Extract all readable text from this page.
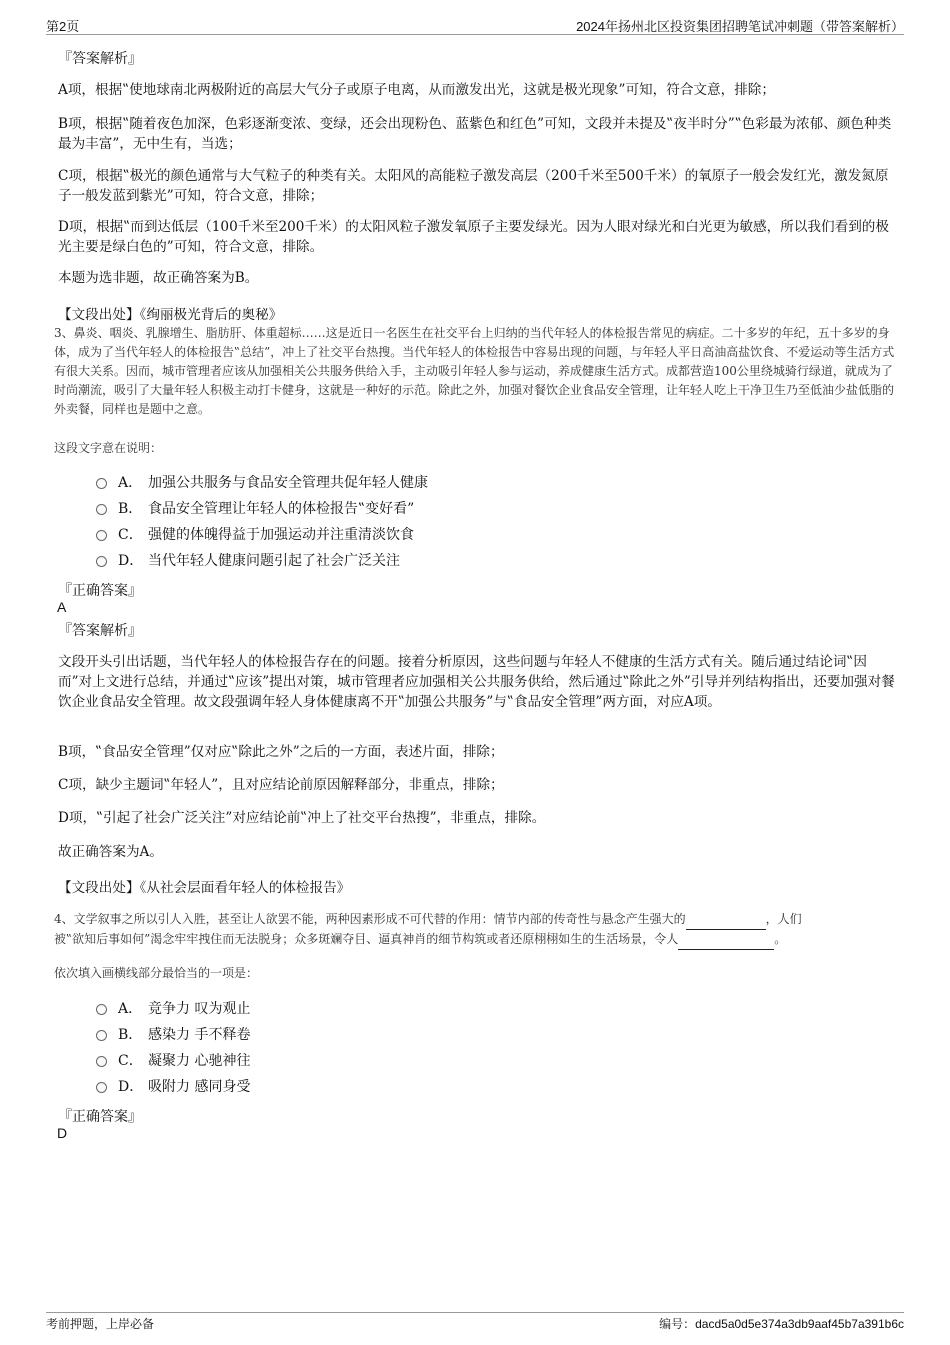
第2页	2024年扬州北区投资集团招聘笔试冲刺题（带答案解析）
『答案解析』

A项，根据‟使地球南北两极附近的高层大气分子或原子电离，从而激发出光，这就是极光现象”可知，符合文意，排除；

B项，根据‟随着夜色加深，色彩逐渐变浓、变绿，还会出现粉色、蓝紫色和红色”可知，文段并未提及‟夜半时分”‟色彩最为浓郁、颜色种类最为丰富”，无中生有，当选；

C项，根据‟极光的颜色通常与大气粒子的种类有关。太阳风的高能粒子激发高层（200千米至500千米）的氧原子一般会发红光，激发氮原子一般发蓝到紫光”可知，符合文意，排除；

D项，根据‟而到达低层（100千米至200千米）的太阳风粒子激发氧原子主要发绿光。因为人眼对绿光和白光更为敏感，所以我们看到的极光主要是绿白色的”可知，符合文意，排除。

本题为选非题，故正确答案为B。

【文段出处】《绚丽极光背后的奥秘》

3、鼻炎、咽炎、乳腺增生、脂肪肝、体重超标……这是近日一名医生在社交平台上归纳的当代年轻人的体检报告常见的病症。二十多岁的年纪，五十多岁的身体，成为了当代年轻人的体检报告‟总结”，冲上了社交平台热搜。当代年轻人的体检报告中容易出现的问题，与年轻人平日高油高盐饮食、不爱运动等生活方式有很大关系。因而，城市管理者应该从加强相关公共服务供给入手，主动吸引年轻人参与运动，养成健康生活方式。成都营造100公里绕城骑行绿道，就成为了时尚潮流，吸引了大量年轻人积极主动打卡健身，这就是一种好的示范。除此之外，加强对餐饮企业食品安全管理，让年轻人吃上干净卫生乃至低油少盐低脂的外卖餐，同样也是题中之意。

这段文字意在说明：
A． 加强公共服务与食品安全管理共促年轻人健康
B． 食品安全管理让年轻人的体检报告‟变好看”
C． 强健的体魄得益于加强运动并注重清淡饮食
D． 当代年轻人健康问题引起了社会广泛关注
『正确答案』
A
『答案解析』

文段开头引出话题，当代年轻人的体检报告存在的问题。接着分析原因，这些问题与年轻人不健康的生活方式有关。随后通过结论词‟因而”对上文进行总结，并通过‟应该”提出对策，城市管理者应加强相关公共服务供给，然后通过‟除此之外”引导并列结构指出，还要加强对餐饮企业食品安全管理。故文段强调年轻人身体健康离不开‟加强公共服务”与‟食品安全管理”两方面，对应A项。

B项，‟食品安全管理”仅对应‟除此之外”之后的一方面，表述片面，排除；

C项，缺少主题词‟年轻人”，且对应结论前原因解释部分，非重点，排除；

D项，‟引起了社会广泛关注”对应结论前‟冲上了社交平台热搜”，非重点，排除。

故正确答案为A。

【文段出处】《从社会层面看年轻人的体检报告》

4、文学叙事之所以引人入胜，甚至让人欲罢不能，两种因素形成不可代替的作用：情节内部的传奇性与悬念产生强大的	，人们
被‟欲知后事如何”渴念牢牢拽住而无法脱身；众多斑斓夺目、逼真神肖的细节构筑或者还原栩栩如生的生活场景，令人	。

依次填入画横线部分最恰当的一项是：
A． 竞争力 叹为观止
B． 感染力 手不释卷
C． 凝聚力 心驰神往
D． 吸附力 感同身受
『正确答案』
D
考前押题，上岸必备	编号：dacd5a0d5e374a3db9aaf45b7a391b6c
